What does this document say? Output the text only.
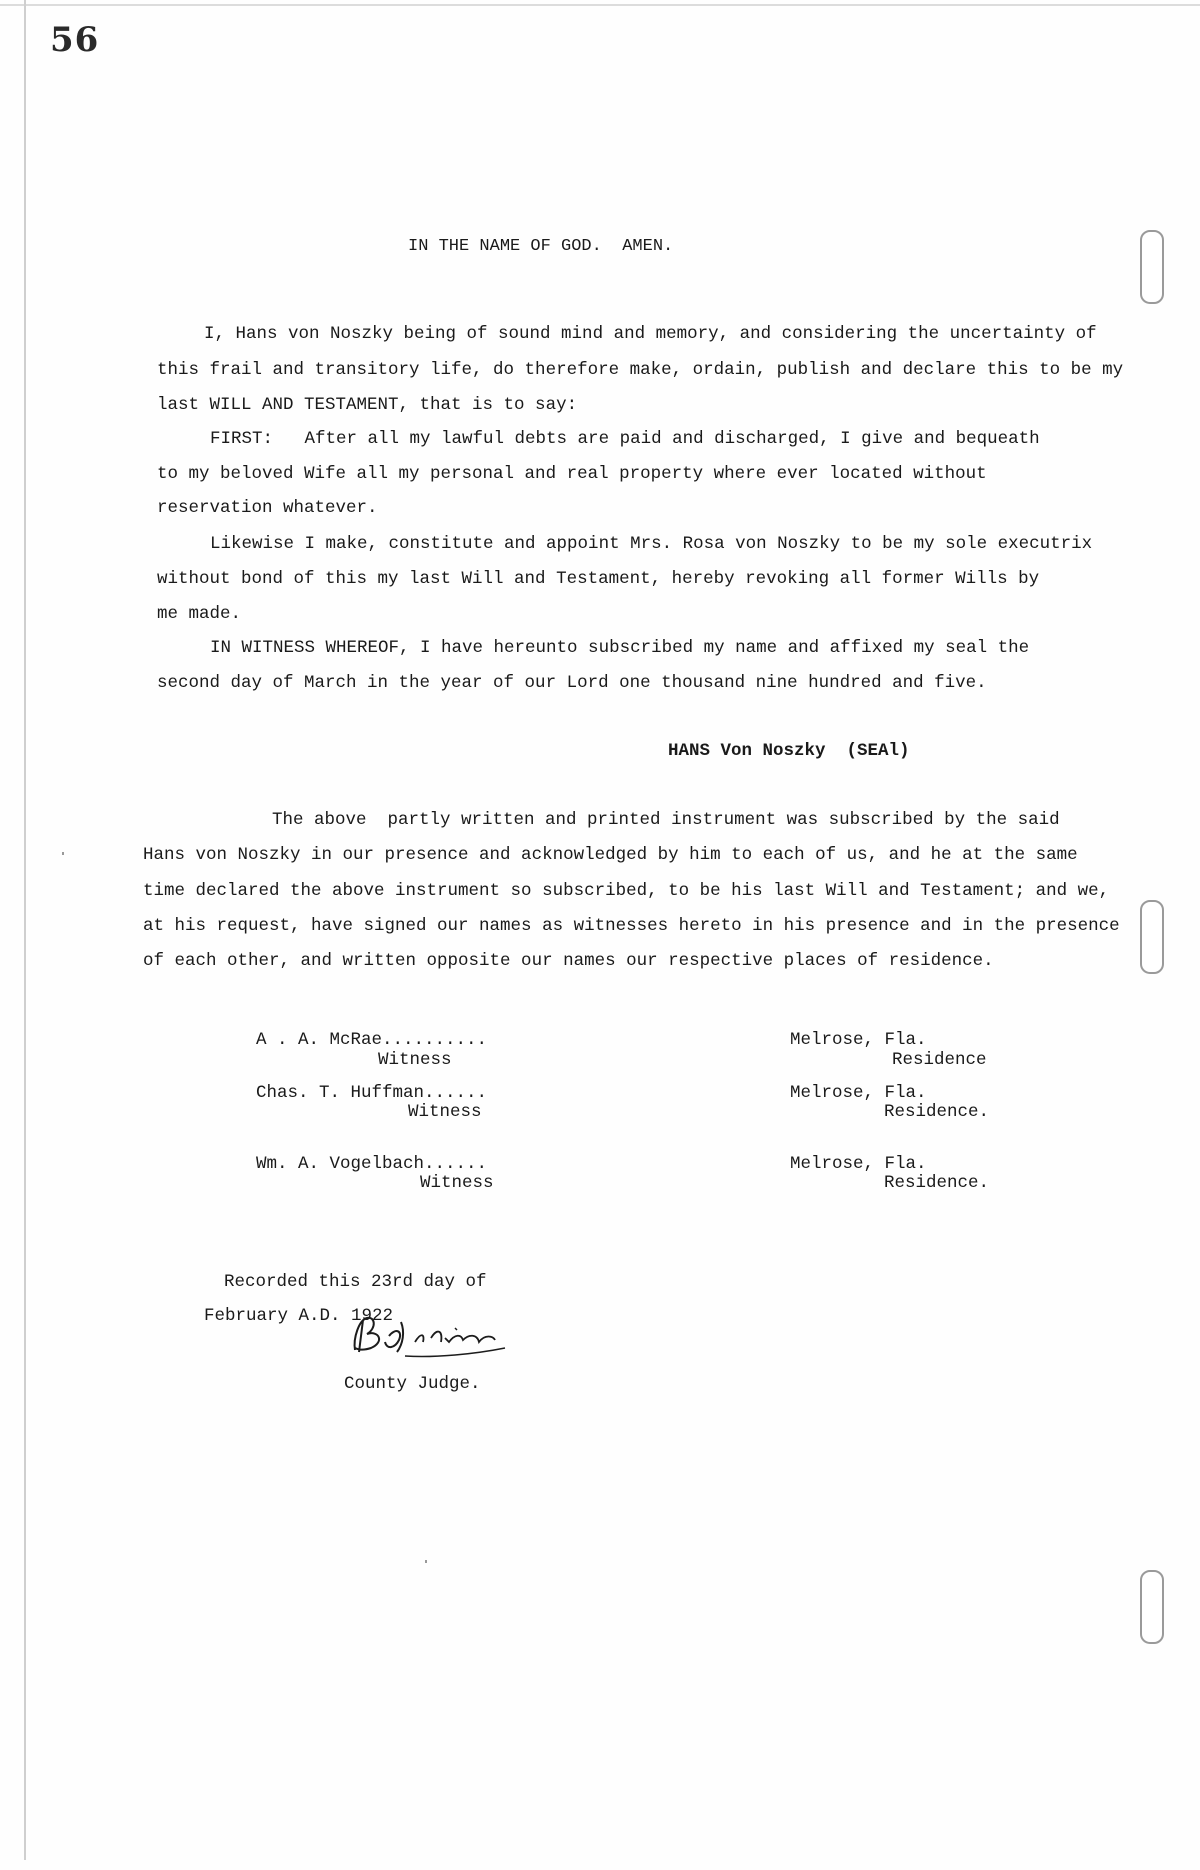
56
IN THE NAME OF GOD.  AMEN.
I, Hans von Noszky being of sound mind and memory, and considering the uncertainty of
this frail and transitory life, do therefore make, ordain, publish and declare this to be my
last WILL AND TESTAMENT, that is to say:
FIRST:   After all my lawful debts are paid and discharged, I give and bequeath
to my beloved Wife all my personal and real property where ever located without
reservation whatever.
Likewise I make, constitute and appoint Mrs. Rosa von Noszky to be my sole executrix
without bond of this my last Will and Testament, hereby revoking all former Wills by
me made.
IN WITNESS WHEREOF, I have hereunto subscribed my name and affixed my seal the
second day of March in the year of our Lord one thousand nine hundred and five.
HANS Von Noszky  (SEAl)
The above  partly written and printed instrument was subscribed by the said
Hans von Noszky in our presence and acknowledged by him to each of us, and he at the same
time declared the above instrument so subscribed, to be his last Will and Testament; and we,
at his request, have signed our names as witnesses hereto in his presence and in the presence
of each other, and written opposite our names our respective places of residence.
A . A. McRae..........
Witness
Melrose, Fla.
Residence
Chas. T. Huffman......
Witness
Melrose, Fla.
Residence.
Wm. A. Vogelbach......
Witness
Melrose, Fla.
Residence.
Recorded this 23rd day of
February A.D. 1922
County Judge.
